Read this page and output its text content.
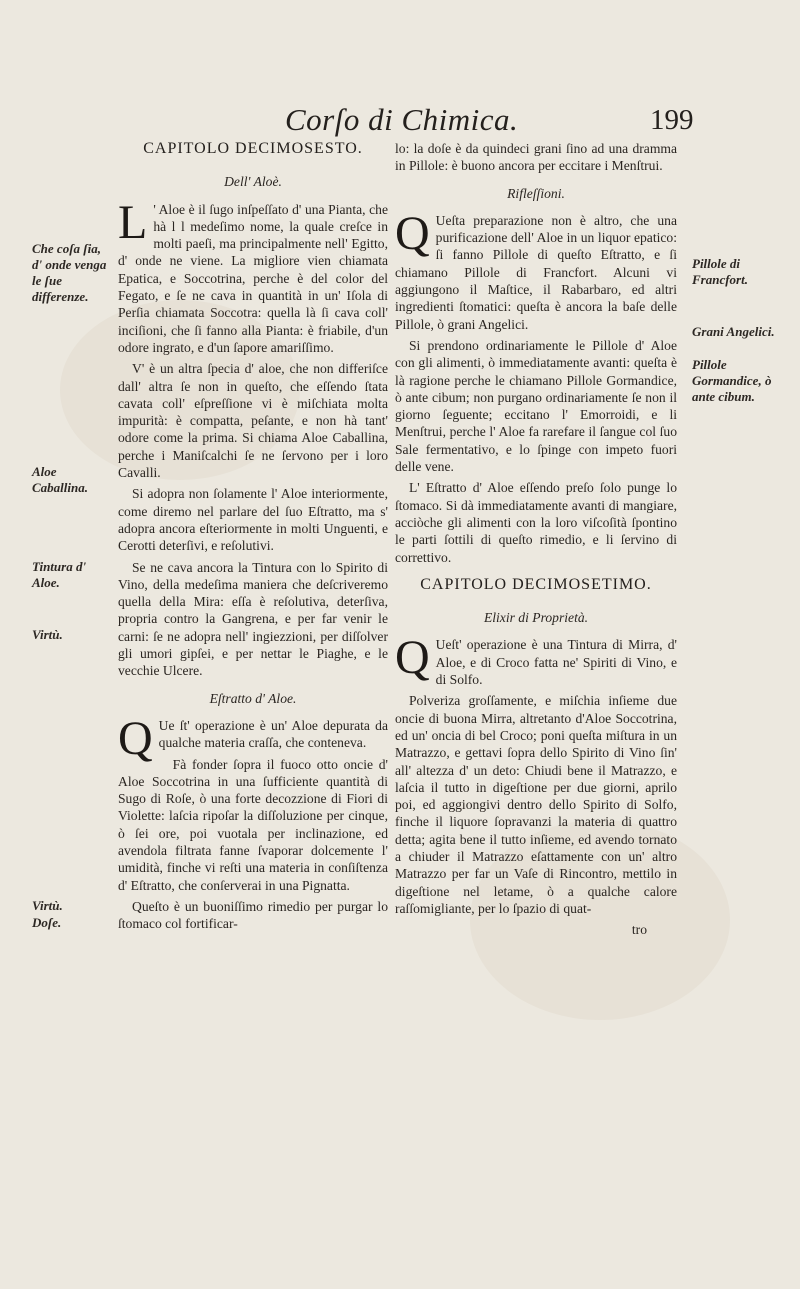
Corſo di Chimica.	199
CAPITOLO DECIMOSESTO.
Dell' Aloè.
Che coſa ſia, d' onde venga le ſue differenze.

L ' Aloe è il ſugo inſpeſſato d' una Pianta, che hà l l medeſimo nome, la quale creſce in molti paeſi, ma principalmente nell' Egitto, d' onde ne viene. La migliore vien chiamata Epatica, e Soccotrina, perche è del color del Fegato, e ſe ne cava in quantità in un' Iſola di Perſia chiamata Soccotra: quella là ſi cava coll' inciſioni, che ſi fanno alla Pianta: è friabile, d'un odore ingrato, e d'un ſapore amariſſimo.

Aloe Caballina.

V' è un altra ſpecia d' aloe, che non differiſce dall' altra ſe non in queſto, che eſſendo ſtata cavata coll' eſpreſſione vi è miſchiata molta impurità: è compatta, peſante, e non hà tant' odore come la prima. Si chiama Aloe Caballina, perche i Maniſcalchi ſe ne ſervono per i loro Cavalli.

Si adopra non ſolamente l' Aloe interiormente, come diremo nel parlare del ſuo Eſtratto, ma s' adopra ancora eſteriormente in molti Unguenti, e Cerotti deterſivi, e reſolutivi.

Tintura d' Aloe.
Virtù.

Se ne cava ancora la Tintura con lo Spirito di Vino, della medeſima maniera che deſcriveremo quella della Mira: eſſa è reſolutiva, deterſiva, propria contro la Gangrena, e per far venir le carni: ſe ne adopra nell' ingiezzioni, per diſſolver gli umori gipſei, e per nettar le Piaghe, e le vecchie Ulcere.

Eſtratto d' Aloe.

Q Ue ſt' operazione è un' Aloe depurata da qualche materia craſſa, che conteneva.

Fà fonder ſopra il fuoco otto oncie d' Aloe Soccotrina in una ſufficiente quantità di Sugo di Roſe, ò una forte decozzione di Fiori di Violette: laſcia ripoſar la diſſoluzione per cinque, ò ſei ore, poi vuotala per inclinazione, ed avendola filtrata fanne ſvaporar dolcemente l' umidità, finche vi reſti una materia in conſiſtenza d' Eſtratto, che conſerverai in una Pignatta.

Virtù.
Doſe.

Queſto è un buoniſſimo rimedio per purgar lo ſtomaco col fortificar-

lo: la doſe è da quindeci grani ſino ad una dramma in Pillole: è buono ancora per eccitare i Menſtrui.

Rifleſſioni.
Pillole di Francfort.
Grani Angelici.

Q Ueſta preparazione non è altro, che una purificazione dell' Aloe in un liquor epatico: ſi fanno Pillole di queſto Eſtratto, e ſi chiamano Pillole di Francfort. Alcuni vi aggiungono il Maſtice, il Rabarbaro, ed altri ingredienti ſtomatici: queſta è ancora la baſe delle Pillole, ò grani Angelici.

Pillole Gormandice, ò ante cibum.

Si prendono ordinariamente le Pillole d' Aloe con gli alimenti, ò immediatamente avanti: queſta è là ragione perche le chiamano Pillole Gormandice, ò ante cibum; non purgano ordinariamente ſe non il giorno ſeguente; eccitano l' Emorroidi, e li Menſtrui, perche l' Aloe fa rarefare il ſangue col ſuo Sale fermentativo, e lo ſpinge con impeto fuori delle vene.

L' Eſtratto d' Aloe eſſendo preſo ſolo punge lo ſtomaco. Si dà immediatamente avanti di mangiare, acciòche gli alimenti con la loro viſcoſità ſpontino le parti ſottili di queſto rimedio, e li ſervino di correttivo.

CAPITOLO DECIMOSETIMO.
Elixir di Proprietà.

Q Ueſt' operazione è una Tintura di Mirra, d' Aloe, e di Croco fatta ne' Spiriti di Vino, e di Solfo.

Polveriza groſſamente, e miſchia inſieme due oncie di buona Mirra, altretanto d'Aloe Soccotrina, ed un' oncia di bel Croco; poni queſta miſtura in un Matrazzo, e gettavi ſopra dello Spirito di Vino ſin' all' altezza d' un deto: Chiudi bene il Matrazzo, e laſcia il tutto in digeſtione per due giorni, aprilo poi, ed aggiongivi dentro dello Spirito di Solfo, finche il liquore ſopravanzi la materia di quattro detta; agita bene il tutto inſieme, ed avendo tornato a chiuder il Matrazzo eſattamente con un' altro Matrazzo per far un Vaſe di Rincontro, mettilo in digeſtione nel letame, ò a qualche calore raſſomigliante, per lo ſpazio di quat-

tro
